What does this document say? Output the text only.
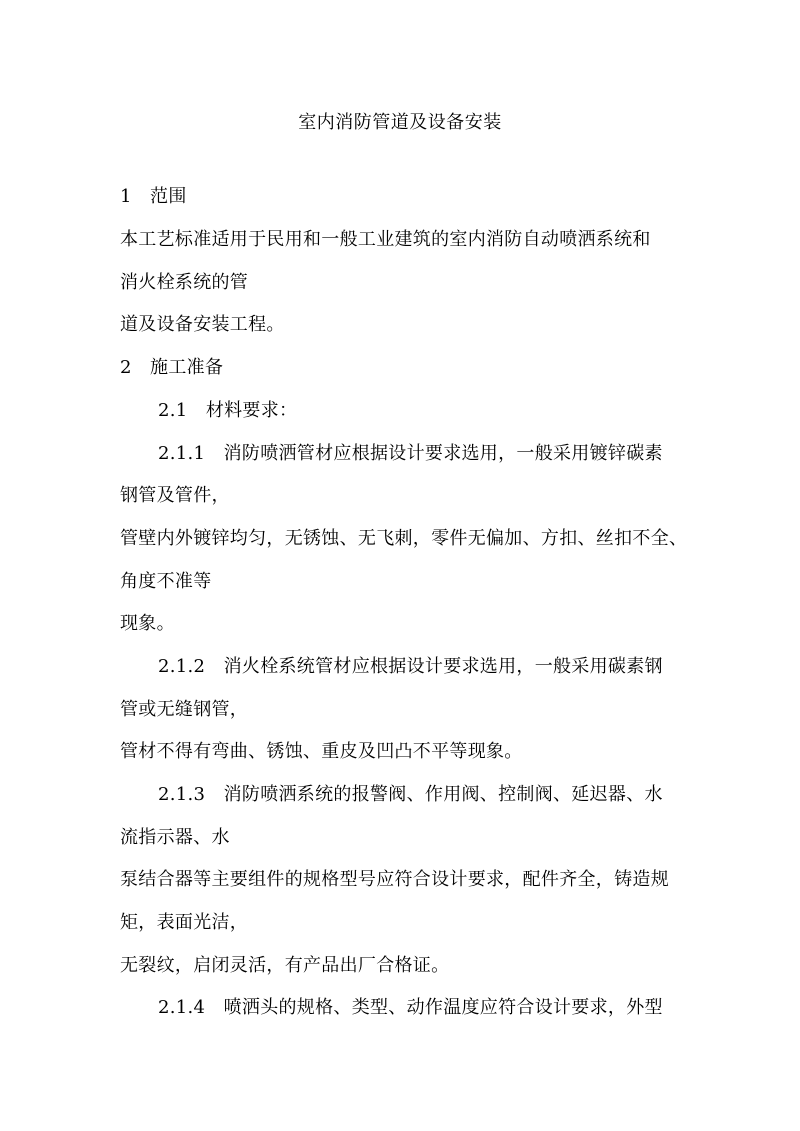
室内消防管道及设备安装
1　范围
本工艺标准适用于民用和一般工业建筑的室内消防自动喷洒系统和
消火栓系统的管
道及设备安装工程。
2　施工准备
2.1　材料要求：
2.1.1　消防喷洒管材应根据设计要求选用，一般采用镀锌碳素
钢管及管件，
管壁内外镀锌均匀，无锈蚀、无飞刺，零件无偏加、方扣、丝扣不全、
角度不准等
现象。
2.1.2　消火栓系统管材应根据设计要求选用，一般采用碳素钢
管或无缝钢管，
管材不得有弯曲、锈蚀、重皮及凹凸不平等现象。
2.1.3　消防喷洒系统的报警阀、作用阀、控制阀、延迟器、水
流指示器、水
泵结合器等主要组件的规格型号应符合设计要求，配件齐全，铸造规
矩，表面光洁，
无裂纹，启闭灵活，有产品出厂合格证。
2.1.4　喷洒头的规格、类型、动作温度应符合设计要求，外型
